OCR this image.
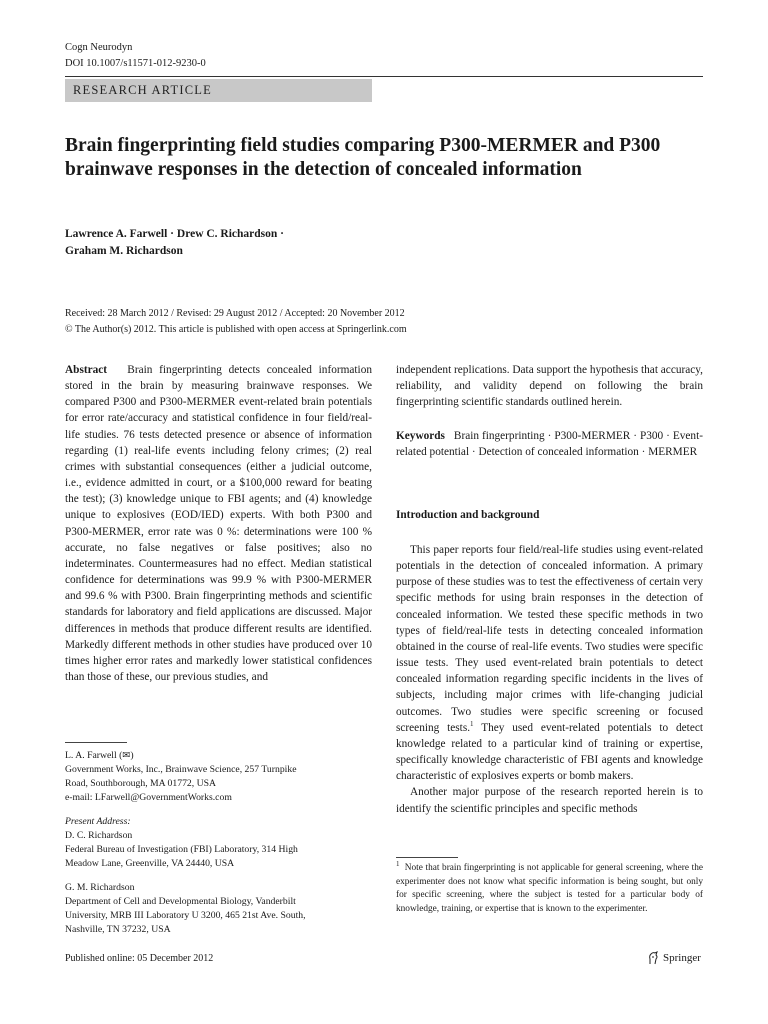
Cogn Neurodyn
DOI 10.1007/s11571-012-9230-0
RESEARCH ARTICLE
Brain fingerprinting field studies comparing P300-MERMER and P300 brainwave responses in the detection of concealed information
Lawrence A. Farwell · Drew C. Richardson ·
Graham M. Richardson
Received: 28 March 2012 / Revised: 29 August 2012 / Accepted: 20 November 2012
© The Author(s) 2012. This article is published with open access at Springerlink.com
Abstract Brain fingerprinting detects concealed information stored in the brain by measuring brainwave responses. We compared P300 and P300-MERMER event-related brain potentials for error rate/accuracy and statistical confidence in four field/real-life studies. 76 tests detected presence or absence of information regarding (1) real-life events including felony crimes; (2) real crimes with substantial consequences (either a judicial outcome, i.e., evidence admitted in court, or a $100,000 reward for beating the test); (3) knowledge unique to FBI agents; and (4) knowledge unique to explosives (EOD/IED) experts. With both P300 and P300-MERMER, error rate was 0 %: determinations were 100 % accurate, no false negatives or false positives; also no indeterminates. Countermeasures had no effect. Median statistical confidence for determinations was 99.9 % with P300-MERMER and 99.6 % with P300. Brain fingerprinting methods and scientific standards for laboratory and field applications are discussed. Major differences in methods that produce different results are identified. Markedly different methods in other studies have produced over 10 times higher error rates and markedly lower statistical confidences than those of these, our previous studies, and
L. A. Farwell (✉)
Government Works, Inc., Brainwave Science, 257 Turnpike
Road, Southborough, MA 01772, USA
e-mail: LFarwell@GovernmentWorks.com
Present Address:
D. C. Richardson
Federal Bureau of Investigation (FBI) Laboratory, 314 High
Meadow Lane, Greenville, VA 24440, USA
G. M. Richardson
Department of Cell and Developmental Biology, Vanderbilt
University, MRB III Laboratory U 3200, 465 21st Ave. South,
Nashville, TN 37232, USA
independent replications. Data support the hypothesis that accuracy, reliability, and validity depend on following the brain fingerprinting scientific standards outlined herein.
Keywords Brain fingerprinting · P300-MERMER · P300 · Event-related potential · Detection of concealed information · MERMER
Introduction and background
This paper reports four field/real-life studies using event-related potentials in the detection of concealed information. A primary purpose of these studies was to test the effectiveness of certain very specific methods for using brain responses in the detection of concealed information. We tested these specific methods in two types of field/real-life tests in detecting concealed information obtained in the course of real-life events. Two studies were specific issue tests. They used event-related brain potentials to detect concealed information regarding specific incidents in the lives of subjects, including major crimes with life-changing judicial outcomes. Two studies were specific screening or focused screening tests.$^1$ They used event-related potentials to detect knowledge related to a particular kind of training or expertise, specifically knowledge characteristic of FBI agents and knowledge characteristic of explosives experts or bomb makers.
Another major purpose of the research reported herein is to identify the scientific principles and specific methods
$^1$ Note that brain fingerprinting is not applicable for general screening, where the experimenter does not know what specific information is being sought, but only for specific screening, where the subject is tested for a particular body of knowledge, training, or expertise that is known to the experimenter.
Published online: 05 December 2012	Springer
